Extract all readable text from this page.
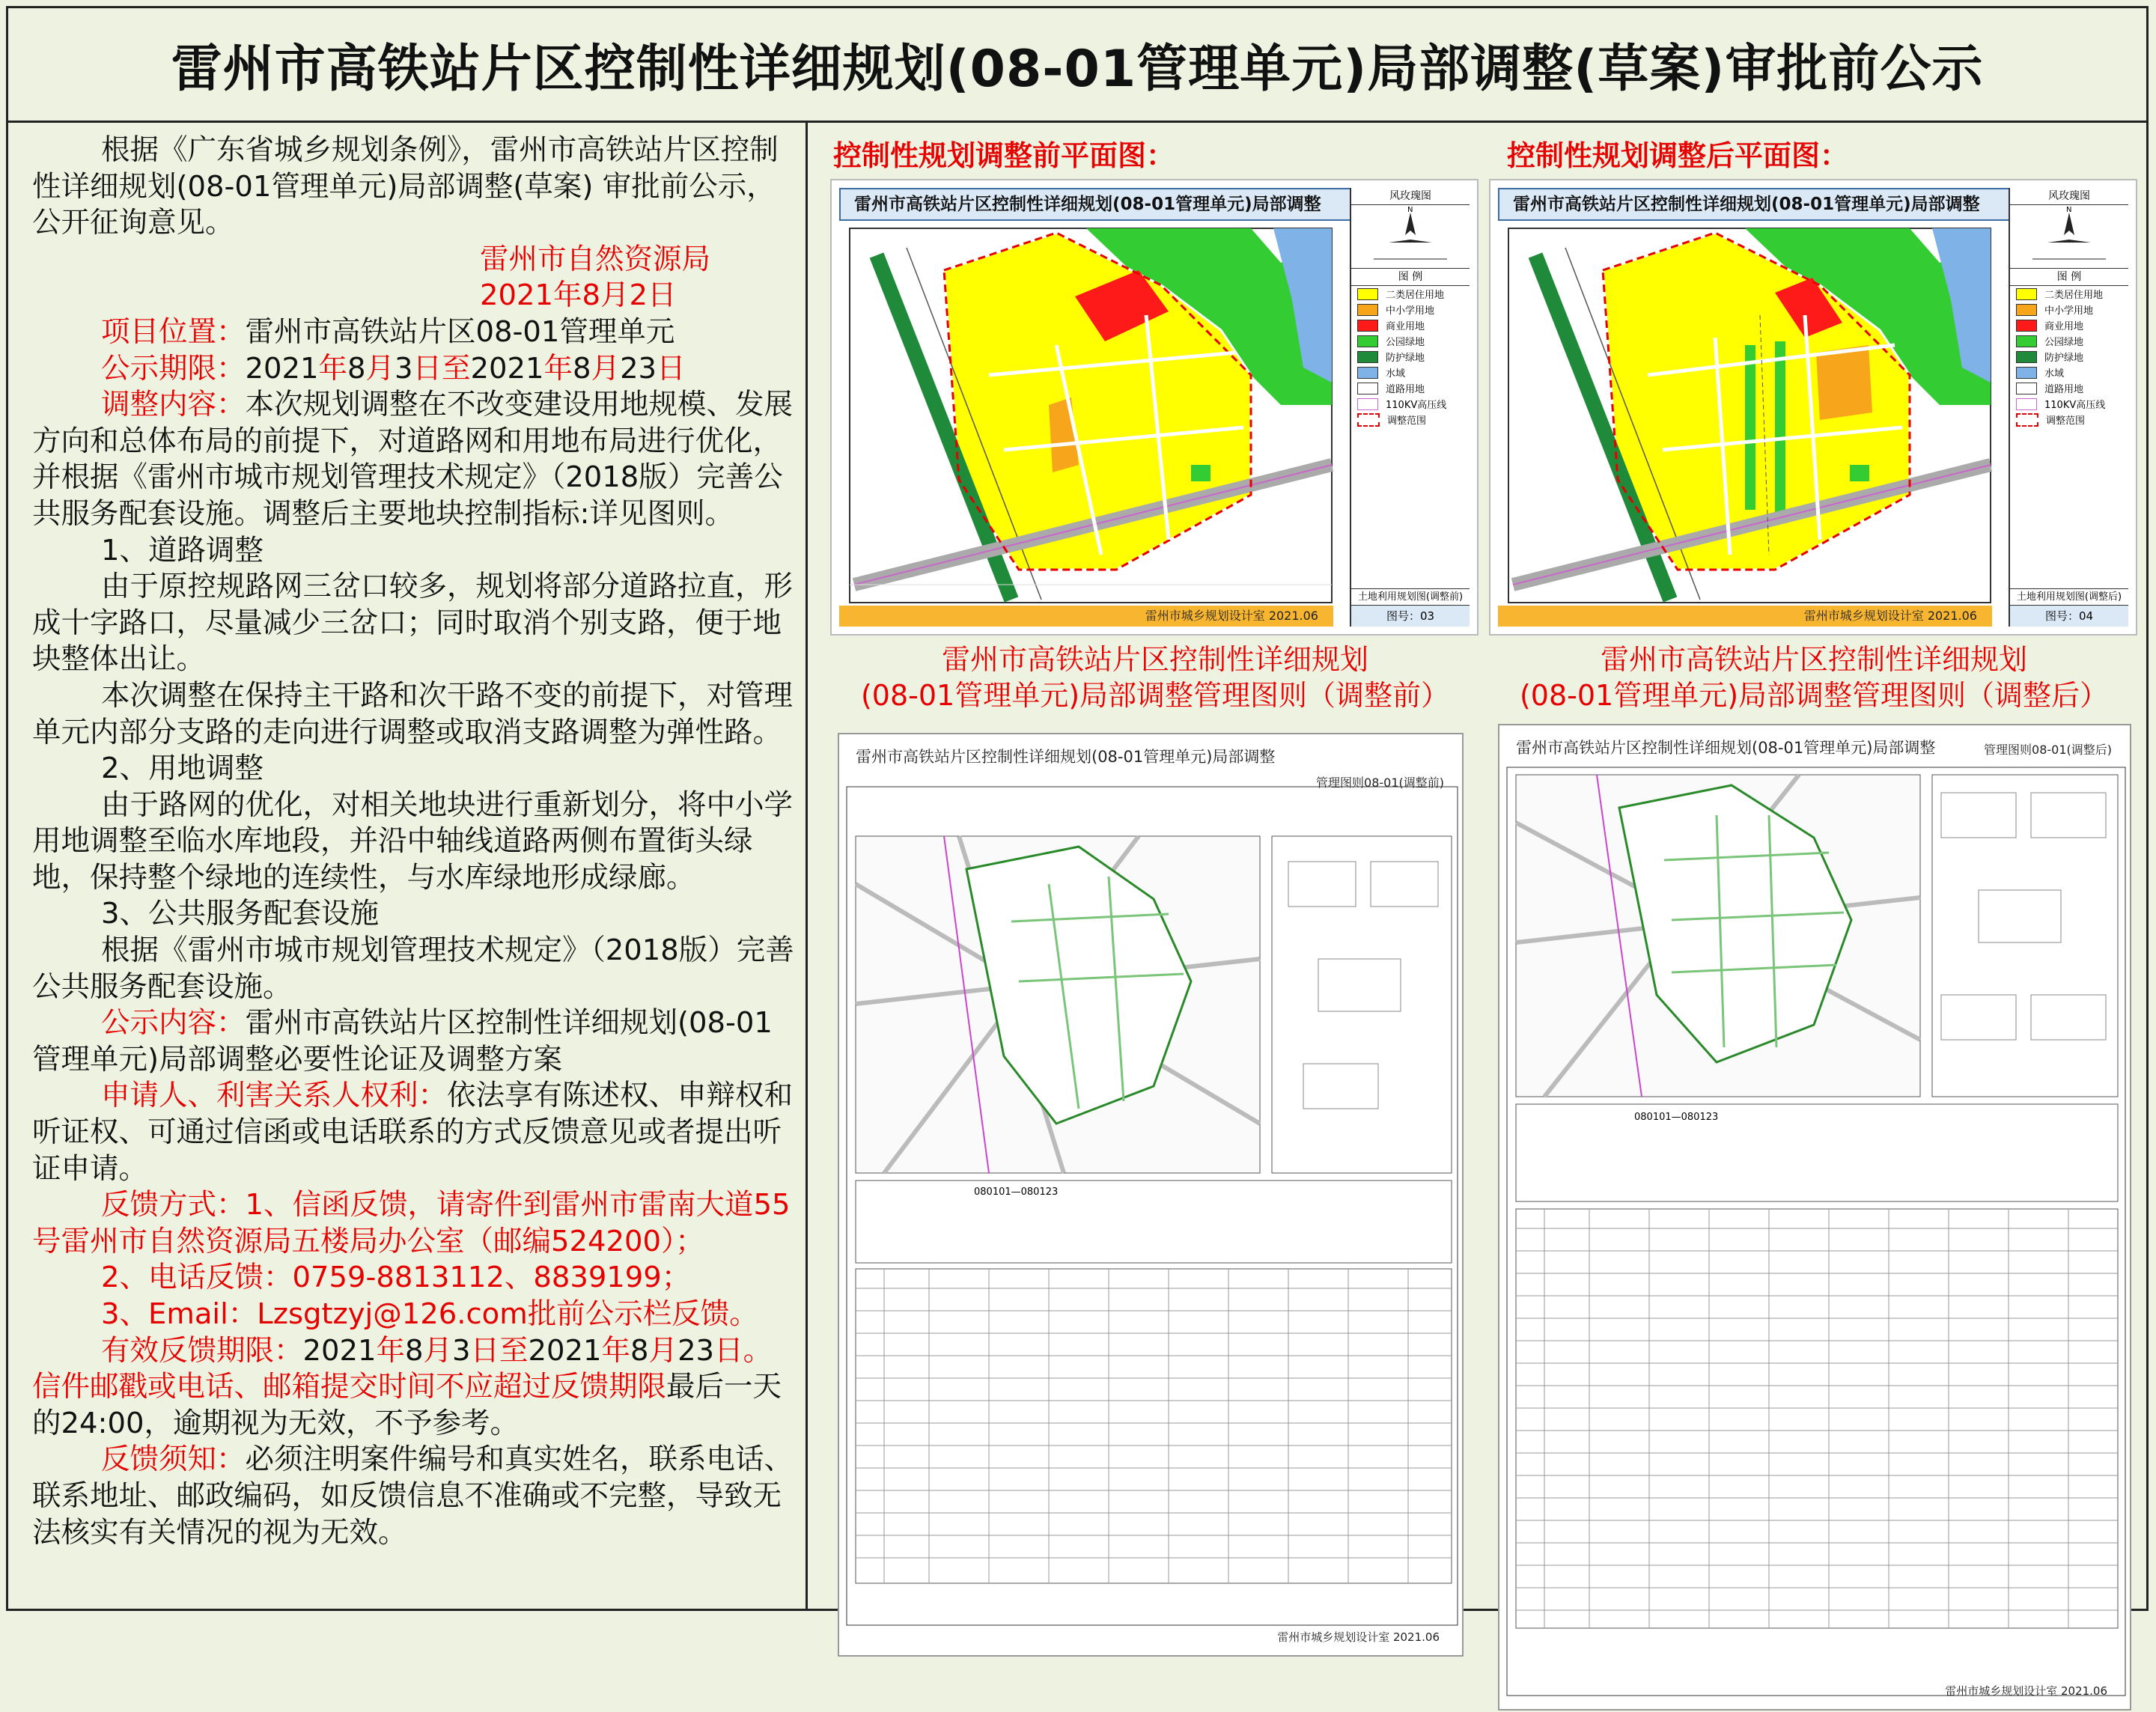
雷州市高铁站片区控制性详细规划(08-01管理单元)局部调整(草案)审批前公示

根据《广东省城乡规划条例》，雷州市高铁站片区控制性详细规划(08-01管理单元)局部调整(草案) 审批前公示，公开征询意见。

雷州市自然资源局

2021年8月2日

项目位置：雷州市高铁站片区08-01管理单元

公示期限：2021年8月3日至2021年8月23日

调整内容：本次规划调整在不改变建设用地规模、发展方向和总体布局的前提下，对道路网和用地布局进行优化，并根据《雷州市城市规划管理技术规定》（2018版）完善公共服务配套设施。调整后主要地块控制指标:详见图则。

1、道路调整

由于原控规路网三岔口较多，规划将部分道路拉直，形成十字路口，尽量减少三岔口；同时取消个别支路，便于地块整体出让。

本次调整在保持主干路和次干路不变的前提下，对管理单元内部分支路的走向进行调整或取消支路调整为弹性路。

2、用地调整

由于路网的优化，对相关地块进行重新划分，将中小学用地调整至临水库地段，并沿中轴线道路两侧布置街头绿地，保持整个绿地的连续性，与水库绿地形成绿廊。

3、公共服务配套设施

根据《雷州市城市规划管理技术规定》（2018版）完善公共服务配套设施。

公示内容：雷州市高铁站片区控制性详细规划(08-01管理单元)局部调整必要性论证及调整方案

申请人、利害关系人权利：依法享有陈述权、申辩权和听证权、可通过信函或电话联系的方式反馈意见或者提出听证申请。

反馈方式：1、信函反馈，请寄件到雷州市雷南大道55号雷州市自然资源局五楼局办公室（邮编524200）；

2、电话反馈：0759-8813112、8839199；

3、Email：Lzsgtzyj@126.com批前公示栏反馈。

有效反馈期限：2021年8月3日至2021年8月23日。信件邮戳或电话、邮箱提交时间不应超过反馈期限最后一天的24:00，逾期视为无效，不予参考。

反馈须知：必须注明案件编号和真实姓名，联系电话、联系地址、邮政编码，如反馈信息不准确或不完整，导致无法核实有关情况的视为无效。

控制性规划调整前平面图：	控制性规划调整后平面图：
雷州市高铁站片区控制性详细规划(08-01管理单元)局部调整	风玫瑰图
N
图 例
二类居住用地
中小学用地
商业用地
公园绿地
防护绿地
水域
道路用地
110KV高压线
调整范围
土地利用规划图(调整前)
图号：03
雷州市城乡规划设计室 2021.06
雷州市高铁站片区控制性详细规划(08-01管理单元)局部调整	风玫瑰图
N
图 例
二类居住用地
中小学用地
商业用地
公园绿地
防护绿地
水域
道路用地
110KV高压线
调整范围
土地利用规划图(调整后)
图号：04
雷州市城乡规划设计室 2021.06
雷州市高铁站片区控制性详细规划
(08-01管理单元)局部调整管理图则（调整前）
雷州市高铁站片区控制性详细规划
(08-01管理单元)局部调整管理图则（调整后）
雷州市高铁站片区控制性详细规划(08-01管理单元)局部调整
管理图则08-01(调整前)
080101—080123
雷州市城乡规划设计室 2021.06
雷州市高铁站片区控制性详细规划(08-01管理单元)局部调整	管理图则08-01(调整后)
080101—080123
雷州市城乡规划设计室 2021.06
